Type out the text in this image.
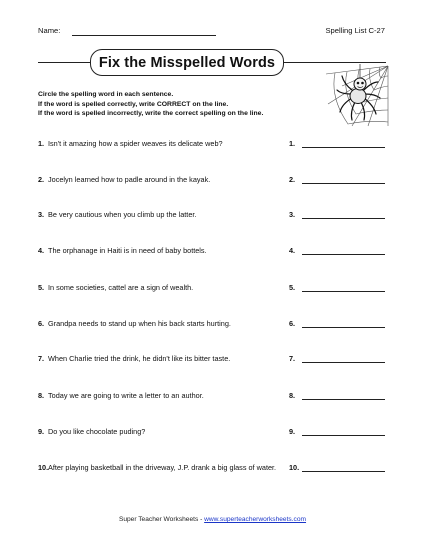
Name:	Spelling List C-27
Fix the Misspelled Words
Circle the spelling word in each sentence.
If the word is spelled correctly, write CORRECT on the line.
If the word is spelled incorrectly, write the correct spelling on the line.
1. Isn't it amazing how a spider weaves its delicate web?	1.
2. Jocelyn learned how to padle around in the kayak.	2.
3. Be very cautious when you climb up the latter.	3.
4. The orphanage in Haiti is in need of baby bottels.	4.
5. In some societies, cattel are a sign of wealth.	5.
6. Grandpa needs to stand up when his back starts hurting.	6.
7. When Charlie tried the drink, he didn't like its bitter taste.	7.
8. Today we are going to write a letter to an author.	8.
9. Do you like chocolate puding?	9.
10. After playing basketball in the driveway, J.P. drank a big glass of water.	10.
Super Teacher Worksheets - www.superteacherworksheets.com
